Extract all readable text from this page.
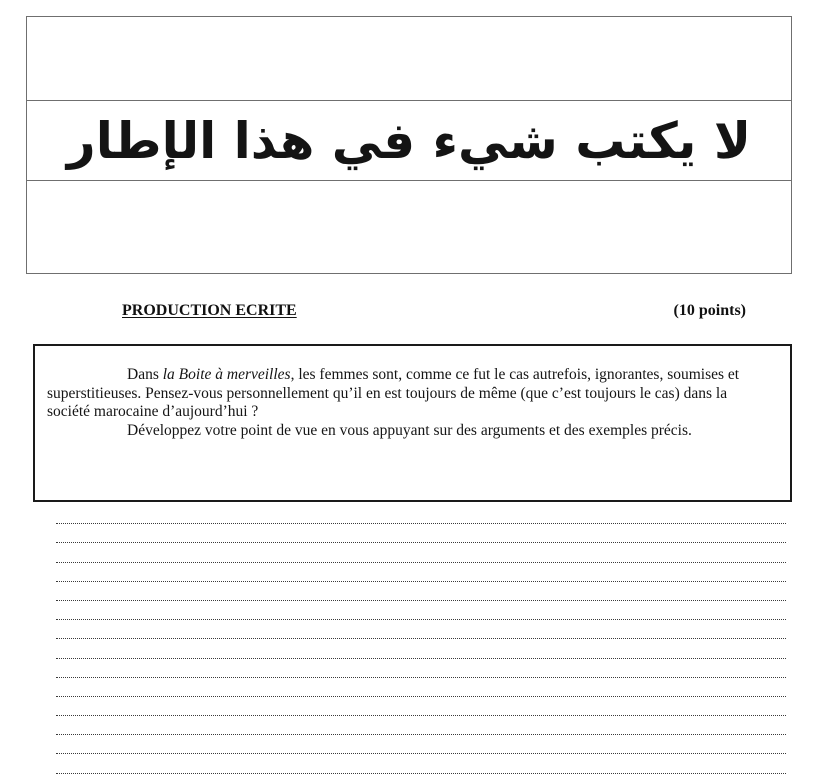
لا يكتب شيء في هذا الإطار
PRODUCTION ECRITE	(10 points)

Dans la Boite à merveilles, les femmes sont, comme ce fut le cas autrefois, ignorantes, soumises et superstitieuses. Pensez-vous personnellement qu’il en est toujours de même (que c’est toujours le cas) dans la société marocaine d’aujourd’hui ?

Développez votre point de vue en vous appuyant sur des arguments et des exemples précis.
